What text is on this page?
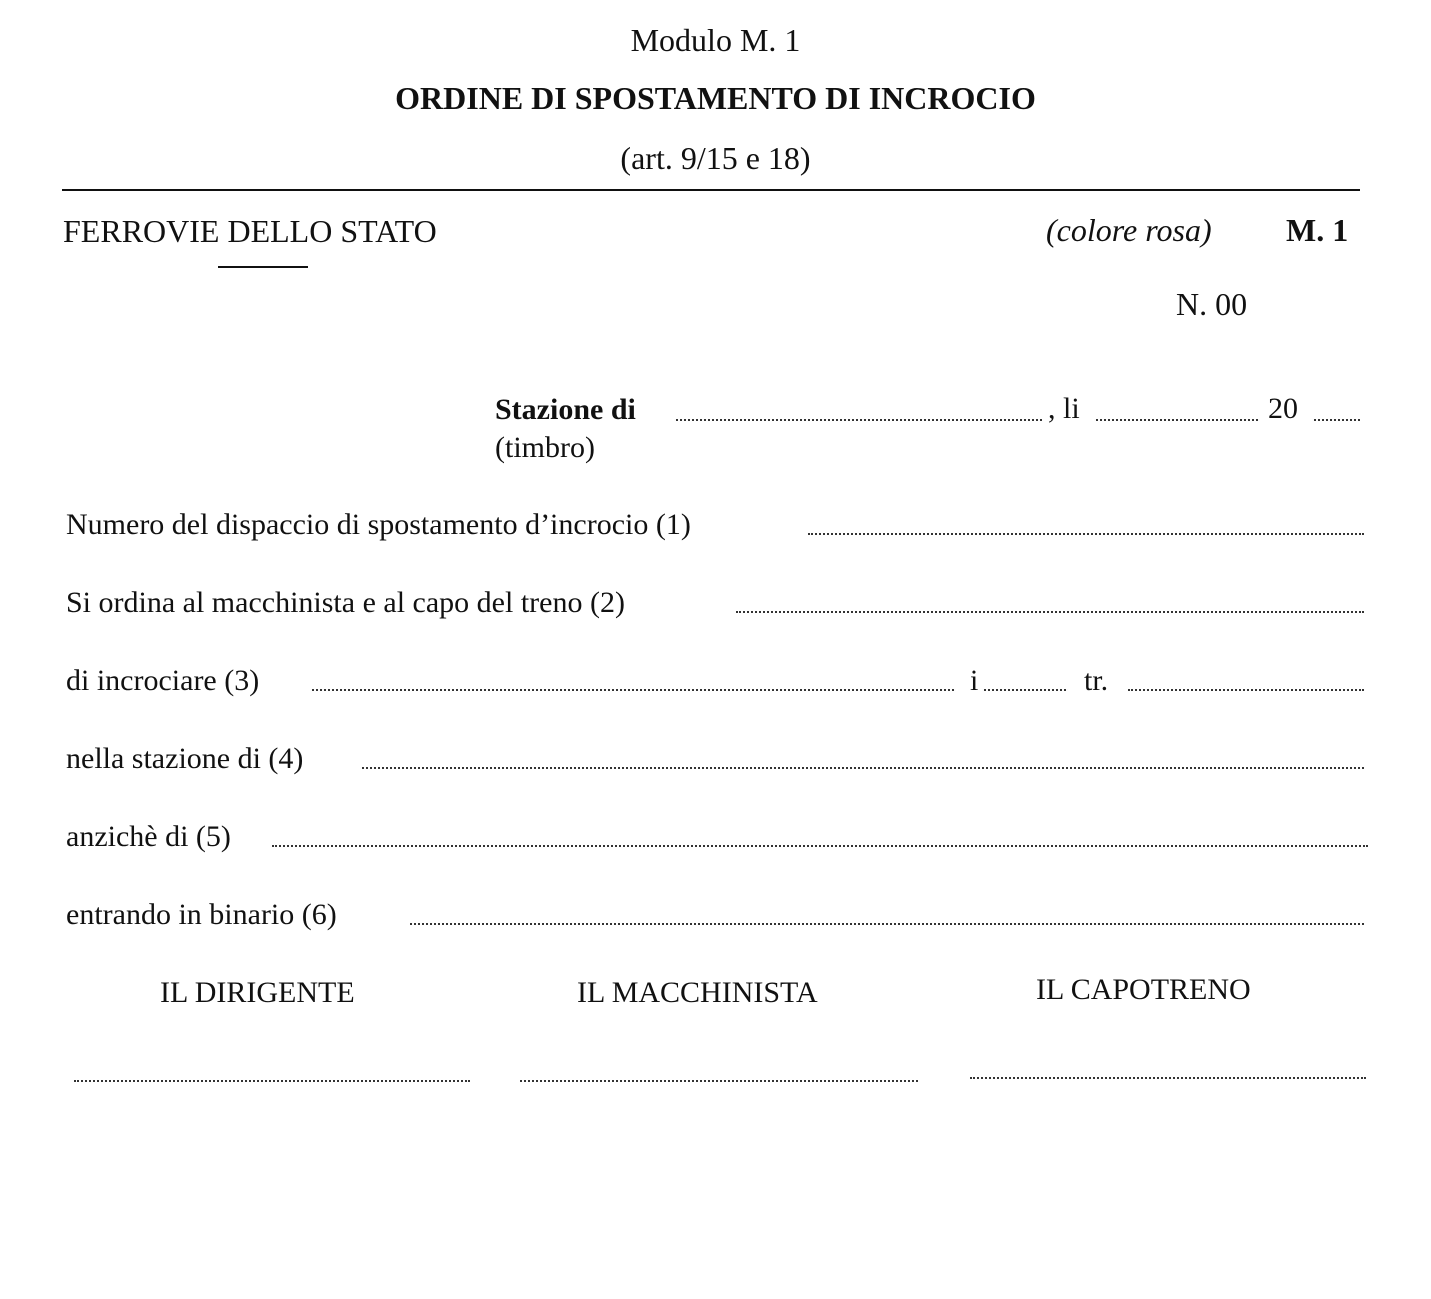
Modulo M. 1
ORDINE DI SPOSTAMENTO DI INCROCIO
(art. 9/15 e 18)
FERROVIE DELLO STATO	(colore rosa) M. 1
N. 00
Stazione di	, li	20
(timbro)
Numero del dispaccio di spostamento d’incrocio (1)
Si ordina al macchinista e al capo del treno (2)
di incrociare (3)	i	tr.
nella stazione di (4)
anzichè di (5)
entrando in binario (6)
IL DIRIGENTE	IL MACCHINISTA	IL CAPOTRENO
